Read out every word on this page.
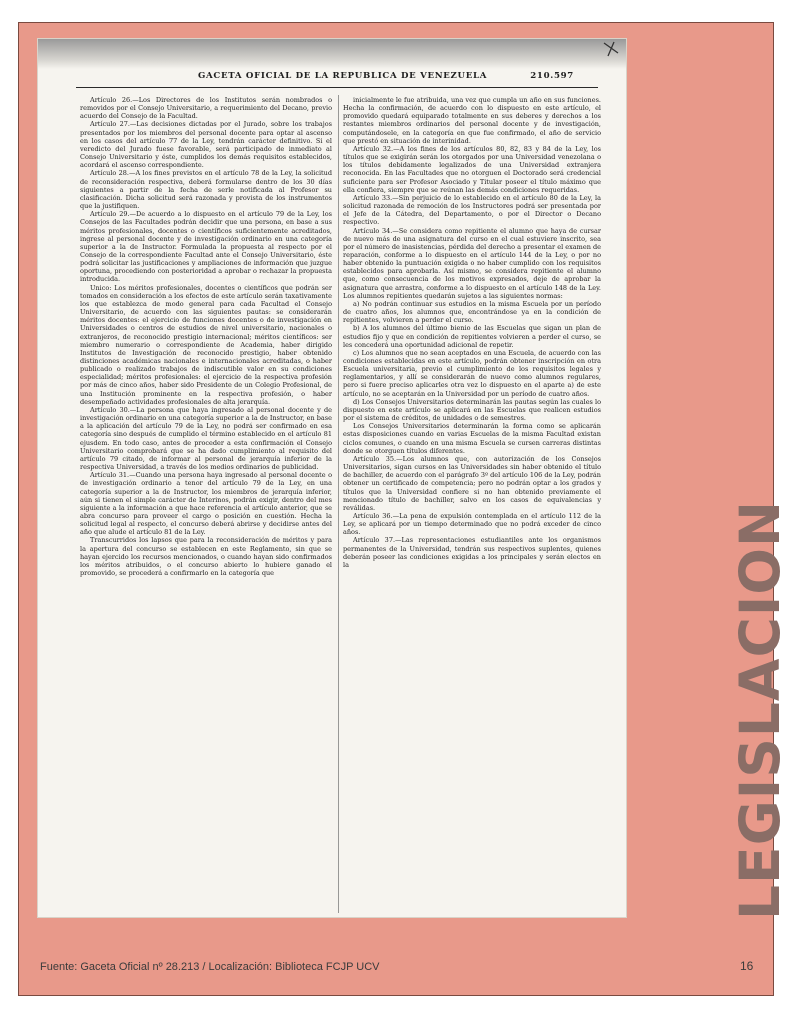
GACETA OFICIAL DE LA REPUBLICA DE VENEZUELA	210.597

Artículo 26.—Los Directores de los Institutos serán nombrados o removidos por el Consejo Universitario, a requerimiento del Decano, previo acuerdo del Consejo de la Facultad.

Artículo 27.—Las decisiones dictadas por el Jurado, sobre los trabajos presentados por los miembros del personal docente para optar al ascenso en los casos del artículo 77 de la Ley, tendrán carácter definitivo. Si el veredicto del Jurado fuese favorable, será participado de inmediato al Consejo Universitario y éste, cumplidos los demás requisitos establecidos, acordará el ascenso correspondiente.

Artículo 28.—A los fines previstos en el artículo 78 de la Ley, la solicitud de reconsideración respectiva, deberá formularse dentro de los 30 días siguientes a partir de la fecha de serle notificada al Profesor su clasificación. Dicha solicitud será razonada y provista de los instrumentos que la justifiquen.

Artículo 29.—De acuerdo a lo dispuesto en el artículo 79 de la Ley, los Consejos de las Facultades podrán decidir que una persona, en base a sus méritos profesionales, docentes o científicos suficientemente acreditados, ingrese al personal docente y de investigación ordinario en una categoría superior a la de Instructor. Formulada la propuesta al respecto por el Consejo de la correspondiente Facultad ante el Consejo Universitario, éste podrá solicitar las justificaciones y ampliaciones de información que juzgue oportuna, procediendo con posterioridad a aprobar o rechazar la propuesta introducida.

Unico: Los méritos profesionales, docentes o científicos que podrán ser tomados en consideración a los efectos de este artículo serán taxativamente los que establezca de modo general para cada Facultad el Consejo Universitario, de acuerdo con las siguientes pautas: se considerarán méritos docentes: el ejercicio de funciones docentes o de investigación en Universidades o centros de estudios de nivel universitario, nacionales o extranjeros, de reconocido prestigio internacional; méritos científicos: ser miembro numerario o correspondiente de Academia, haber dirigido Institutos de Investigación de reconocido prestigio, haber obtenido distinciones académicas nacionales e internacionales acreditadas, o haber publicado o realizado trabajos de indiscutible valor en su condiciones especialidad; méritos profesionales: el ejercicio de la respectiva profesión por más de cinco años, haber sido Presidente de un Colegio Profesional, de una Institución prominente en la respectiva profesión, o haber desempeñado actividades profesionales de alta jerarquía.

Artículo 30.—La persona que haya ingresado al personal docente y de investigación ordinario en una categoría superior a la de Instructor, en base a la aplicación del artículo 79 de la Ley, no podrá ser confirmado en esa categoría sino después de cumplido el término establecido en el artículo 81 ejusdem. En todo caso, antes de proceder a esta confirmación el Consejo Universitario comprobará que se ha dado cumplimiento al requisito del artículo 79 citado, de informar al personal de jerarquía inferior de la respectiva Universidad, a través de los medios ordinarios de publicidad.

Artículo 31.—Cuando una persona haya ingresado al personal docente o de investigación ordinario a tenor del artículo 79 de la Ley, en una categoría superior a la de Instructor, los miembros de jerarquía inferior, aún si tienen el simple carácter de Interinos, podrán exigir, dentro del mes siguiente a la información a que hace referencia el artículo anterior, que se abra concurso para proveer el cargo o posición en cuestión. Hecha la solicitud legal al respecto, el concurso deberá abrirse y decidirse antes del año que alude el artículo 81 de la Ley.

Transcurridos los lapsos que para la reconsideración de méritos y para la apertura del concurso se establecen en este Reglamento, sin que se hayan ejercido los recursos mencionados, o cuando hayan sido confirmados los méritos atribuidos, o el concurso abierto lo hubiere ganado el promovido, se procederá a confirmarlo en la categoría que

inicialmente le fue atribuida, una vez que cumpla un año en sus funciones. Hecha la confirmación, de acuerdo con lo dispuesto en este artículo, el promovido quedará equiparado totalmente en sus deberes y derechos a los restantes miembros ordinarios del personal docente y de investigación, computándosele, en la categoría en que fue confirmado, el año de servicio que prestó en situación de interinidad.

Artículo 32.—A los fines de los artículos 80, 82, 83 y 84 de la Ley, los títulos que se exigirán serán los otorgados por una Universidad venezolana o los títulos debidamente legalizados de una Universidad extranjera reconocida. En las Facultades que no otorguen el Doctorado será credencial suficiente para ser Profesor Asociado y Titular poseer el título máximo que ella confiera, siempre que se reúnan las demás condiciones requeridas.

Artículo 33.—Sin perjuicio de lo establecido en el artículo 80 de la Ley, la solicitud razonada de remoción de los Instructores podrá ser presentada por el Jefe de la Cátedra, del Departamento, o por el Director o Decano respectivo.

Artículo 34.—Se considera como repitiente el alumno que haya de cursar de nuevo más de una asignatura del curso en el cual estuviere inscrito, sea por el número de inasistencias, pérdida del derecho a presentar el examen de reparación, conforme a lo dispuesto en el artículo 144 de la Ley, o por no haber obtenido la puntuación exigida o no haber cumplido con los requisitos establecidos para aprobarla. Así mismo, se considera repitiente el alumno que, como consecuencia de los motivos expresados, deje de aprobar la asignatura que arrastra, conforme a lo dispuesto en el artículo 148 de la Ley. Los alumnos repitientes quedarán sujetos a las siguientes normas:

a) No podrán continuar sus estudios en la misma Escuela por un período de cuatro años, los alumnos que, encontrándose ya en la condición de repitientes, volvieren a perder el curso.

b) A los alumnos del último bienio de las Escuelas que sigan un plan de estudios fijo y que en condición de repitientes volvieren a perder el curso, se les concederá una oportunidad adicional de repetir.

c) Los alumnos que no sean aceptados en una Escuela, de acuerdo con las condiciones establecidas en este artículo, podrán obtener inscripción en otra Escuela universitaria, previo el cumplimiento de los requisitos legales y reglamentarios, y allí se considerarán de nuevo como alumnos regulares, pero si fuere preciso aplicarles otra vez lo dispuesto en el aparte a) de este artículo, no se aceptarán en la Universidad por un período de cuatro años.

d) Los Consejos Universitarios determinarán las pautas según las cuales lo dispuesto en este artículo se aplicará en las Escuelas que realicen estudios por el sistema de créditos, de unidades o de semestres.

Los Consejos Universitarios determinarán la forma como se aplicarán estas disposiciones cuando en varias Escuelas de la misma Facultad existan ciclos comunes, o cuando en una misma Escuela se cursen carreras distintas donde se otorguen títulos diferentes.

Artículo 35.—Los alumnos que, con autorización de los Consejos Universitarios, sigan cursos en las Universidades sin haber obtenido el título de bachiller, de acuerdo con el parágrafo 3º del artículo 106 de la Ley, podrán obtener un certificado de competencia; pero no podrán optar a los grados y títulos que la Universidad confiere si no han obtenido previamente el mencionado título de bachiller, salvo en los casos de equivalencias y reválidas.

Artículo 36.—La pena de expulsión contemplada en el artículo 112 de la Ley, se aplicará por un tiempo determinado que no podrá exceder de cinco años.

Artículo 37.—Las representaciones estudiantiles ante los organismos permanentes de la Universidad, tendrán sus respectivos suplentes, quienes deberán poseer las condiciones exigidas a los principales y serán electos en la	LEGISLACION
Fuente: Gaceta Oficial nº 28.213 / Localización: Biblioteca FCJP UCV	16
